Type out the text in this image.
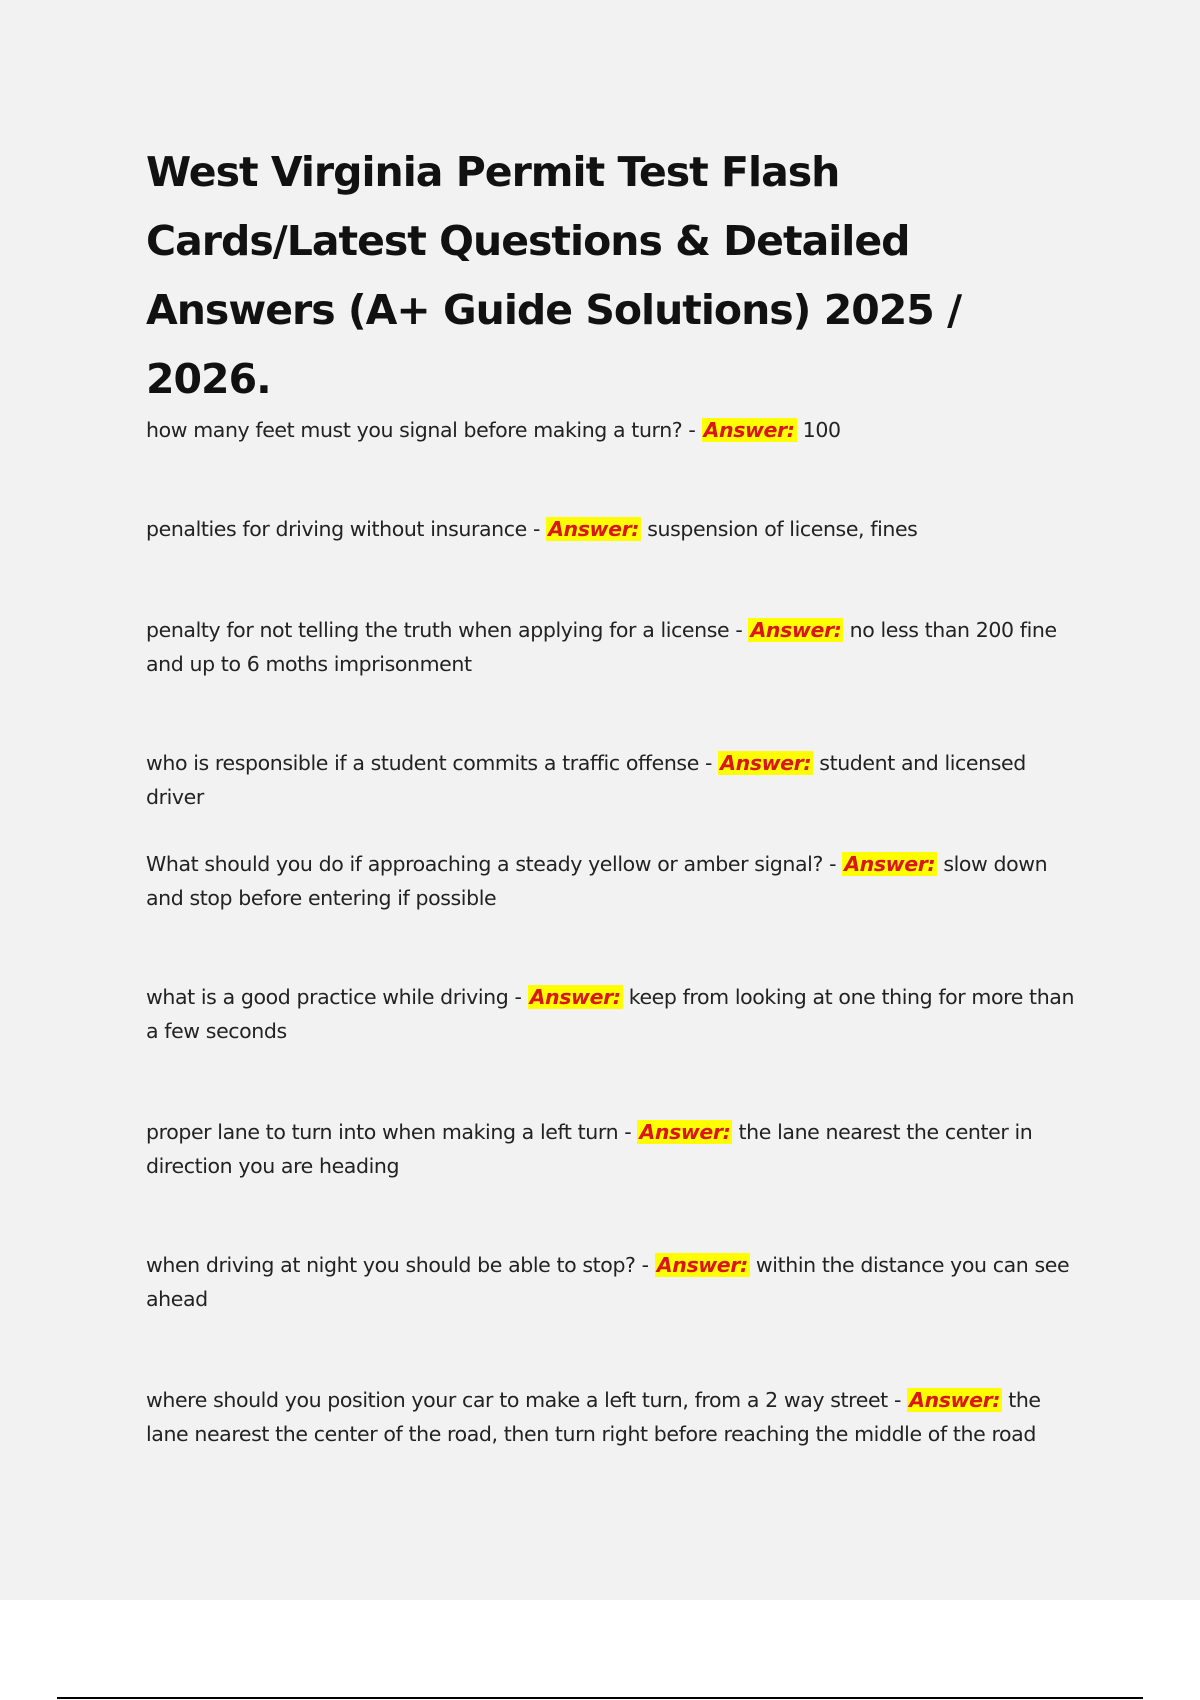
West Virginia Permit Test Flash Cards/Latest Questions & Detailed Answers (A+ Guide Solutions) 2025 / 2026.

how many feet must you signal before making a turn? - Answer: 100

penalties for driving without insurance - Answer: suspension of license, fines

penalty for not telling the truth when applying for a license - Answer: no less than 200 fine and up to 6 moths imprisonment

who is responsible if a student commits a traffic offense - Answer: student and licensed driver

What should you do if approaching a steady yellow or amber signal? - Answer: slow down and stop before entering if possible

what is a good practice while driving - Answer: keep from looking at one thing for more than a few seconds

proper lane to turn into when making a left turn - Answer: the lane nearest the center in direction you are heading

when driving at night you should be able to stop? - Answer: within the distance you can see ahead

where should you position your car to make a left turn, from a 2 way street - Answer: the lane nearest the center of the road, then turn right before reaching the middle of the road
